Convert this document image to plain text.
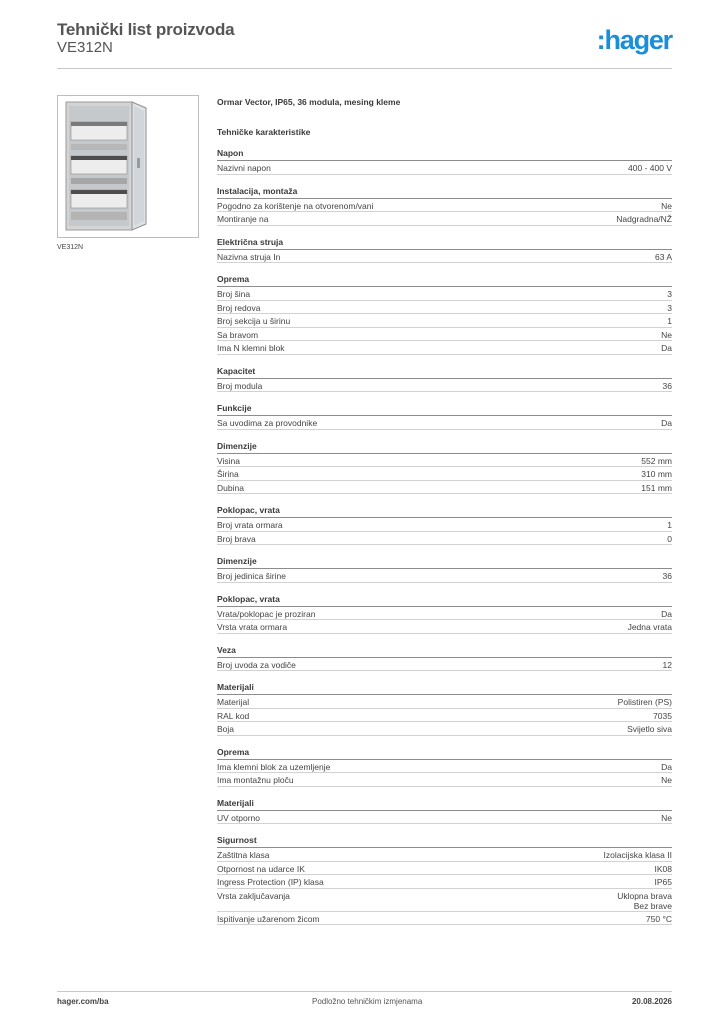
Tehnički list proizvoda
VE312N	:hager
VE312N
Ormar Vector, IP65, 36 modula, mesing kleme
Tehničke karakteristike
Napon
Nazivni napon	400 - 400 V
Instalacija, montaža
Pogodno za korištenje na otvorenom/vani	Ne
Montiranje na	Nadgradna/NŽ
Električna struja
Nazivna struja In	63 A
Oprema
Broj šina	3
Broj redova	3
Broj sekcija u širinu	1
Sa bravom	Ne
Ima N klemni blok	Da
Kapacitet
Broj modula	36
Funkcije
Sa uvodima za provodnike	Da
Dimenzije
Visina	552 mm
Širina	310 mm
Dubina	151 mm
Poklopac, vrata
Broj vrata ormara	1
Broj brava	0
Dimenzije
Broj jedinica širine	36
Poklopac, vrata
Vrata/poklopac je proziran	Da
Vrsta vrata ormara	Jedna vrata
Veza
Broj uvoda za vodiče	12
Materijali
Materijal	Polistiren (PS)
RAL kod	7035
Boja	Svijetlo siva
Oprema
Ima klemni blok za uzemljenje	Da
Ima montažnu ploču	Ne
Materijali
UV otporno	Ne
Sigurnost
Zaštitna klasa	Izolacijska klasa II
Otpornost na udarce IK	IK08
Ingress Protection (IP) klasa	IP65
Vrsta zaključavanja	Uklopna brava
Bez brave
Ispitivanje užarenom žicom	750 °C
hager.com/ba	Podložno tehničkim izmjenama	20.08.2026
